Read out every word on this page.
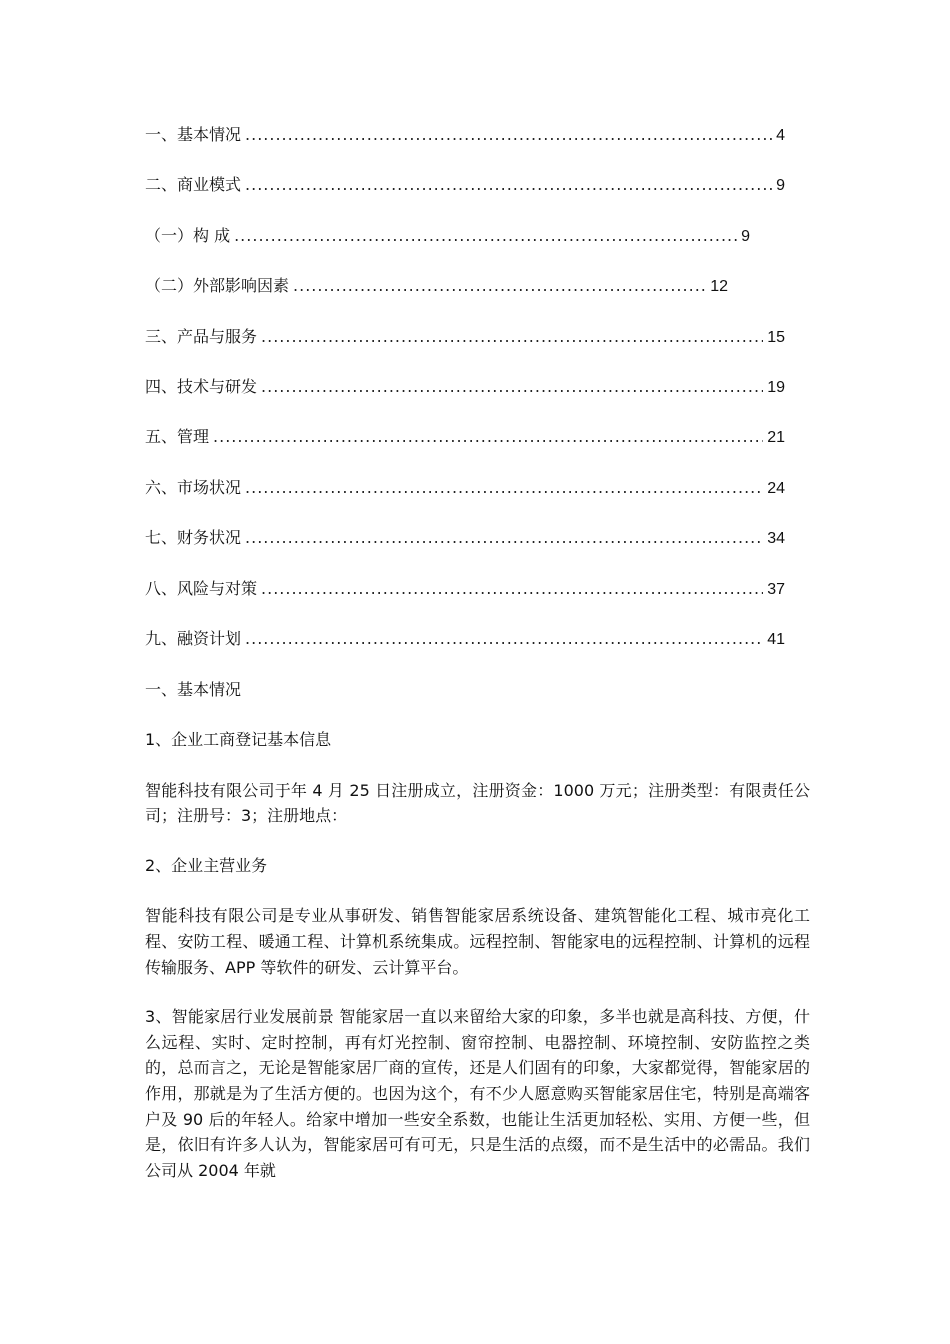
一、基本情况 .....	4
二、商业模式 .....	9
（一）构 成 .....	9
（二）外部影响因素 .....	12
三、产品与服务 .....	15
四、技术与研发 .....	19
五、管理 .....	21
六、市场状况 .....	24
七、财务状况 .....	34
八、风险与对策 .....	37
九、融资计划 .....	41
一、基本情况
1、企业工商登记基本信息
智能科技有限公司于年 4 月 25 日注册成立，注册资金：1000 万元；注册类型：有限责任公司；注册号：3；注册地点：
2、企业主营业务
智能科技有限公司是专业从事研发、销售智能家居系统设备、建筑智能化工程、城市亮化工程、安防工程、暖通工程、计算机系统集成。远程控制、智能家电的远程控制、计算机的远程传输服务、APP 等软件的研发、云计算平台。
3、智能家居行业发展前景 智能家居一直以来留给大家的印象，多半也就是高科技、方便，什么远程、实时、定时控制，再有灯光控制、窗帘控制、电器控制、环境控制、安防监控之类的，总而言之，无论是智能家居厂商的宣传，还是人们固有的印象，大家都觉得，智能家居的作用，那就是为了生活方便的。也因为这个，有不少人愿意购买智能家居住宅，特别是高端客户及 90 后的年轻人。给家中增加一些安全系数，也能让生活更加轻松、实用、方便一些，但是，依旧有许多人认为，智能家居可有可无，只是生活的点缀，而不是生活中的必需品。我们公司从 2004 年就
